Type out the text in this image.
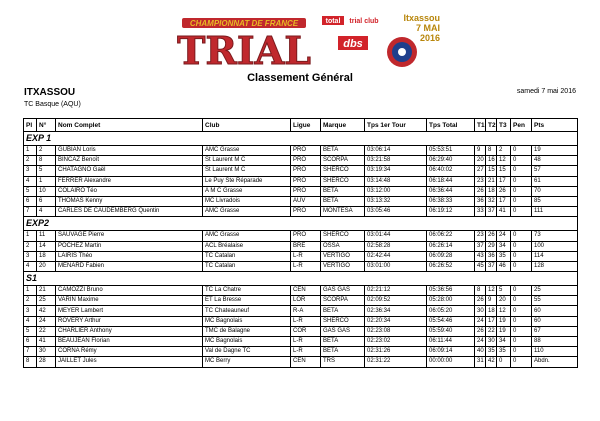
CHAMPIONNAT DE FRANCE
TRIAL
total trial club
dbs
Itxassou
7 MAI 2016
Classement Général
ITXASSOU
TC Basque (AQU)
samedi 7 mai 2016
Pl	N°	Nom Complet	Club	Ligue	Marque	Tps 1er Tour	Tps Total	T1	T2	T3	Pen	Pts
EXP 1												
1	2	GUBIAN Loris	AMC Grasse	PRO	BETA	03:06:14	05:53:51	9	8	2	0	19
2	8	BINCAZ Benoît	St Laurent M C	PRO	SCORPA	03:21:58	06:29:40	20	16	12	0	48
3	5	CHATAGNO Gaël	St Laurent M C	PRO	SHERCO	03:19:34	06:40:02	27	15	15	0	57
4	1	FERRER Alexandre	Le Puy Ste Réparade	PRO	SHERCO	03:14:48	06:18:44	23	21	17	0	61
5	10	COLAIRO Téo	A M C Grasse	PRO	BETA	03:12:00	06:36:44	26	18	26	0	70
6	6	THOMAS Kenny	MC Livradois	AUV	BETA	03:13:32	06:38:33	36	32	17	0	85
7	4	CARLES DE CAUDEMBERG Quentin	AMC Grasse	PRO	MONTESA	03:05:46	06:19:12	33	37	41	0	111
EXP2												
1	11	SAUVAGE Pierre	AMC Grasse	PRO	SHERCO	03:01:44	06:06:22	23	26	24	0	73
2	14	POCHEZ Martin	ACL Bréalaise	BRE	OSSA	02:58:28	06:26:14	37	29	34	0	100
3	18	LAIRIS Théo	TC Catalan	L-R	VERTIGO	02:42:44	06:09:28	43	36	35	0	114
4	20	MENARD Fabien	TC Catalan	L-R	VERTIGO	03:01:00	06:26:52	45	37	46	0	128
S1												
1	21	CAMOZZI Bruno	TC La Chatre	CEN	GAS GAS	02:21:12	05:36:56	8	12	5	0	25
2	25	VARIN Maxime	ET La Bresse	LOR	SCORPA	02:09:52	05:28:00	26	9	20	0	55
3	42	MEYER Lambert	TC Chateauneuf	R-A	BETA	02:36:34	06:05:20	30	18	12	0	60
4	24	ROVERY Arthur	MC Bagnolais	L-R	SHERCO	02:20:34	05:54:46	24	17	19	0	60
5	22	CHARLIER Anthony	TMC de Balagne	COR	GAS GAS	02:23:08	05:59:40	26	22	19	0	67
6	41	BEAUJEAN Florian	MC Bagnolais	L-R	BETA	02:23:02	06:11:44	24	30	34	0	88
7	30	CORNA Rémy	Val de Dagne TC	L-R	BETA	02:31:26	06:09:14	40	35	35	0	110
8	28	JAILLET Jules	MC Berry	CEN	TRS	02:31:22	00:00:00	31	42	0	0	Abdn.
